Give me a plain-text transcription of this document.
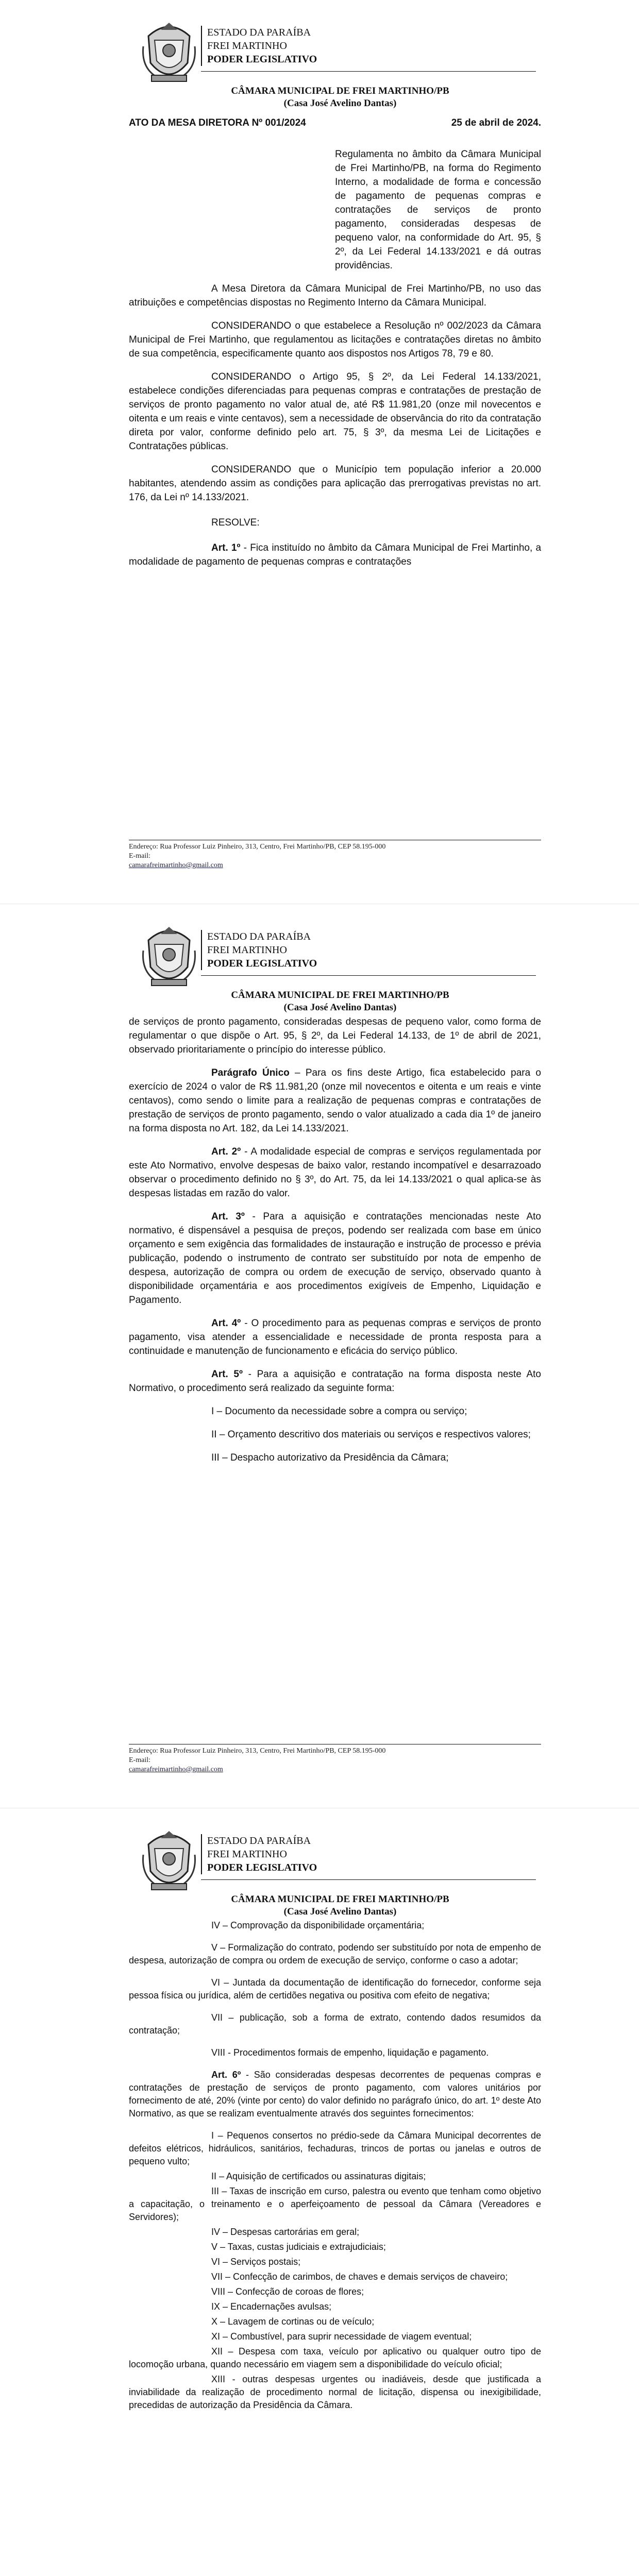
ESTADO DA PARAÍBA
FREI MARTINHO
PODER LEGISLATIVO
CÂMARA MUNICIPAL DE FREI MARTINHO/PB
(Casa José Avelino Dantas)
ATO DA MESA DIRETORA Nº 001/2024	25 de abril de 2024.

Regulamenta no âmbito da Câmara Municipal de Frei Martinho/PB, na forma do Regimento Interno, a modalidade de forma e concessão de pagamento de pequenas compras e contratações de serviços de pronto pagamento, consideradas despesas de pequeno valor, na conformidade do Art. 95, § 2º, da Lei Federal 14.133/2021 e dá outras providências.

A Mesa Diretora da Câmara Municipal de Frei Martinho/PB, no uso das atribuições e competências dispostas no Regimento Interno da Câmara Municipal.

CONSIDERANDO o que estabelece a Resolução nº 002/2023 da Câmara Municipal de Frei Martinho, que regulamentou as licitações e contratações diretas no âmbito de sua competência, especificamente quanto aos dispostos nos Artigos 78, 79 e 80.

CONSIDERANDO o Artigo 95, § 2º, da Lei Federal 14.133/2021, estabelece condições diferenciadas para pequenas compras e contratações de prestação de serviços de pronto pagamento no valor atual de, até R$ 11.981,20 (onze mil novecentos e oitenta e um reais e vinte centavos), sem a necessidade de observância do rito da contratação direta por valor, conforme definido pelo art. 75, § 3º, da mesma Lei de Licitações e Contratações públicas.

CONSIDERANDO que o Município tem população inferior a 20.000 habitantes, atendendo assim as condições para aplicação das prerrogativas previstas no art. 176, da Lei nº 14.133/2021.

RESOLVE:

Art. 1º - Fica instituído no âmbito da Câmara Municipal de Frei Martinho, a modalidade de pagamento de pequenas compras e contratações

Endereço: Rua Professor Luiz Pinheiro, 313, Centro, Frei Martinho/PB, CEP 58.195-000
E-mail:
camarafreimartinho@gmail.com
ESTADO DA PARAÍBA
FREI MARTINHO
PODER LEGISLATIVO
CÂMARA MUNICIPAL DE FREI MARTINHO/PB
(Casa José Avelino Dantas)

de serviços de pronto pagamento, consideradas despesas de pequeno valor, como forma de regulamentar o que dispõe o Art. 95, § 2º, da Lei Federal 14.133, de 1º de abril de 2021, observado prioritariamente o princípio do interesse público.

Parágrafo Único – Para os fins deste Artigo, fica estabelecido para o exercício de 2024 o valor de R$ 11.981,20 (onze mil novecentos e oitenta e um reais e vinte centavos), como sendo o limite para a realização de pequenas compras e contratações de prestação de serviços de pronto pagamento, sendo o valor atualizado a cada dia 1º de janeiro na forma disposta no Art. 182, da Lei 14.133/2021.

Art. 2º - A modalidade especial de compras e serviços regulamentada por este Ato Normativo, envolve despesas de baixo valor, restando incompatível e desarrazoado observar o procedimento definido no § 3º, do Art. 75, da lei 14.133/2021 o qual aplica-se às despesas listadas em razão do valor.

Art. 3º - Para a aquisição e contratações mencionadas neste Ato normativo, é dispensável a pesquisa de preços, podendo ser realizada com base em único orçamento e sem exigência das formalidades de instauração e instrução de processo e prévia publicação, podendo o instrumento de contrato ser substituído por nota de empenho de despesa, autorização de compra ou ordem de execução de serviço, observado quanto à disponibilidade orçamentária e aos procedimentos exigíveis de Empenho, Liquidação e Pagamento.

Art. 4º - O procedimento para as pequenas compras e serviços de pronto pagamento, visa atender a essencialidade e necessidade de pronta resposta para a continuidade e manutenção de funcionamento e eficácia do serviço público.

Art. 5º - Para a aquisição e contratação na forma disposta neste Ato Normativo, o procedimento será realizado da seguinte forma:

I – Documento da necessidade sobre a compra ou serviço;

II – Orçamento descritivo dos materiais ou serviços e respectivos valores;

III – Despacho autorizativo da Presidência da Câmara;

Endereço: Rua Professor Luiz Pinheiro, 313, Centro, Frei Martinho/PB, CEP 58.195-000
E-mail:
camarafreimartinho@gmail.com
ESTADO DA PARAÍBA
FREI MARTINHO
PODER LEGISLATIVO
CÂMARA MUNICIPAL DE FREI MARTINHO/PB
(Casa José Avelino Dantas)

IV – Comprovação da disponibilidade orçamentária;

V – Formalização do contrato, podendo ser substituído por nota de empenho de despesa, autorização de compra ou ordem de execução de serviço, conforme o caso a adotar;

VI – Juntada da documentação de identificação do fornecedor, conforme seja pessoa física ou jurídica, além de certidões negativa ou positiva com efeito de negativa;

VII – publicação, sob a forma de extrato, contendo dados resumidos da contratação;

VIII - Procedimentos formais de empenho, liquidação e pagamento.

Art. 6º - São consideradas despesas decorrentes de pequenas compras e contratações de prestação de serviços de pronto pagamento, com valores unitários por fornecimento de até, 20% (vinte por cento) do valor definido no parágrafo único, do art. 1º deste Ato Normativo, as que se realizam eventualmente através dos seguintes fornecimentos:

I – Pequenos consertos no prédio-sede da Câmara Municipal decorrentes de defeitos elétricos, hidráulicos, sanitários, fechaduras, trincos de portas ou janelas e outros de pequeno vulto;

II – Aquisição de certificados ou assinaturas digitais;

III – Taxas de inscrição em curso, palestra ou evento que tenham como objetivo a capacitação, o treinamento e o aperfeiçoamento de pessoal da Câmara (Vereadores e Servidores);

IV – Despesas cartorárias em geral;

V – Taxas, custas judiciais e extrajudiciais;

VI – Serviços postais;

VII – Confecção de carimbos, de chaves e demais serviços de chaveiro;

VIII – Confecção de coroas de flores;

IX – Encadernações avulsas;

X – Lavagem de cortinas ou de veículo;

XI – Combustível, para suprir necessidade de viagem eventual;

XII – Despesa com taxa, veículo por aplicativo ou qualquer outro tipo de locomoção urbana, quando necessário em viagem sem a disponibilidade do veículo oficial;

XIII - outras despesas urgentes ou inadiáveis, desde que justificada a inviabilidade da realização de procedimento normal de licitação, dispensa ou inexigibilidade, precedidas de autorização da Presidência da Câmara.
